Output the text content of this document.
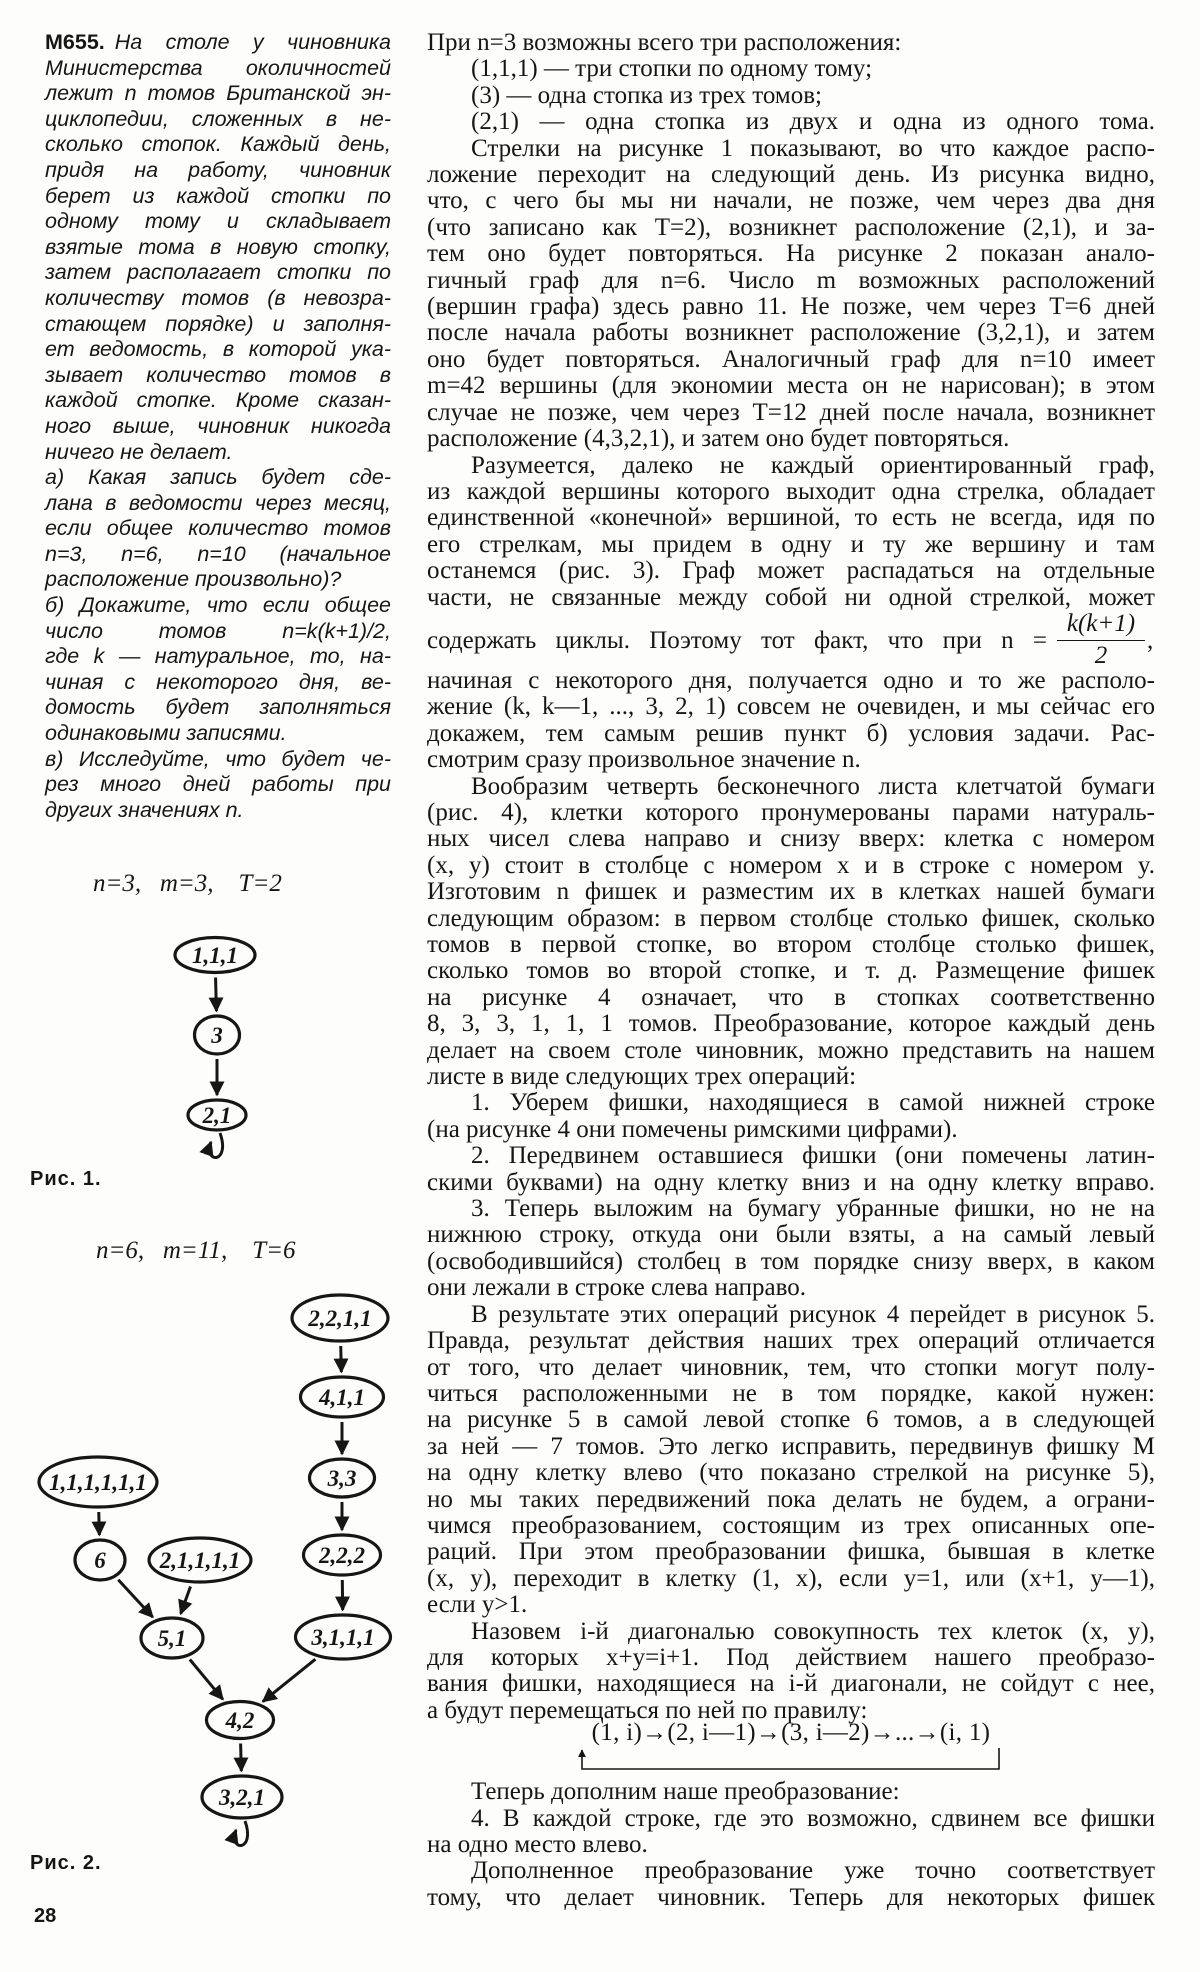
M655. На столе у чиновника
Министерства околичностей
лежит n томов Британской эн-
циклопедии, сложенных в не-
сколько стопок. Каждый день,
придя на работу, чиновник
берет из каждой стопки по
одному тому и складывает
взятые тома в новую стопку,
затем располагает стопки по
количеству томов (в невозра-
стающем порядке) и заполня-
ет ведомость, в которой ука-
зывает количество томов в
каждой стопке. Кроме сказан-
ного выше, чиновник никогда
ничего не делает.
а) Какая запись будет сде-
лана в ведомости через месяц,
если общее количество томов
n=3, n=6, n=10 (начальное
расположение произвольно)?
б) Докажите, что если общее
число томов n=k(k+1)/2,
где k — натуральное, то, на-
чиная с некоторого дня, ве-
домость будет заполняться
одинаковыми записями.
в) Исследуйте, что будет че-
рез много дней работы при
других значениях n.
При n=3 возможны всего три расположения:
(1,1,1) — три стопки по одному тому;
(3) — одна стопка из трех томов;
(2,1) — одна стопка из двух и одна из одного тома.
Стрелки на рисунке 1 показывают, во что каждое распо-
ложение переходит на следующий день. Из рисунка видно,
что, с чего бы мы ни начали, не позже, чем через два дня
(что записано как T=2), возникнет расположение (2,1), и за-
тем оно будет повторяться. На рисунке 2 показан анало-
гичный граф для n=6. Число m возможных расположений
(вершин графа) здесь равно 11. Не позже, чем через T=6 дней
после начала работы возникнет расположение (3,2,1), и затем
оно будет повторяться. Аналогичный граф для n=10 имеет
m=42 вершины (для экономии места он не нарисован); в этом
случае не позже, чем через T=12 дней после начала, возникнет
расположение (4,3,2,1), и затем оно будет повторяться.
Разумеется, далеко не каждый ориентированный граф,
из каждой вершины которого выходит одна стрелка, обладает
единственной «конечной» вершиной, то есть не всегда, идя по
его стрелкам, мы придем в одну и ту же вершину и там
останемся (рис. 3). Граф может распадаться на отдельные
части, не связанные между собой ни одной стрелкой, может
содержать циклы. Поэтому тот факт, что при n =
k(k+1)
2
,
начиная с некоторого дня, получается одно и то же располо-
жение (k, k—1, ..., 3, 2, 1) совсем не очевиден, и мы сейчас его
докажем, тем самым решив пункт б) условия задачи. Рас-
смотрим сразу произвольное значение n.
Вообразим четверть бесконечного листа клетчатой бумаги
(рис. 4), клетки которого пронумерованы парами натураль-
ных чисел слева направо и снизу вверх: клетка с номером
(x, y) стоит в столбце с номером x и в строке с номером y.
Изготовим n фишек и разместим их в клетках нашей бумаги
следующим образом: в первом столбце столько фишек, сколько
томов в первой стопке, во втором столбце столько фишек,
сколько томов во второй стопке, и т. д. Размещение фишек
на рисунке 4 означает, что в стопках соответственно
8, 3, 3, 1, 1, 1 томов. Преобразование, которое каждый день
делает на своем столе чиновник, можно представить на нашем
листе в виде следующих трех операций:
1. Уберем фишки, находящиеся в самой нижней строке
(на рисунке 4 они помечены римскими цифрами).
2. Передвинем оставшиеся фишки (они помечены латин-
скими буквами) на одну клетку вниз и на одну клетку вправо.
3. Теперь выложим на бумагу убранные фишки, но не на
нижнюю строку, откуда они были взяты, а на самый левый
(освободившийся) столбец в том порядке снизу вверх, в каком
они лежали в строке слева направо.
В результате этих операций рисунок 4 перейдет в рисунок 5.
Правда, результат действия наших трех операций отличается
от того, что делает чиновник, тем, что стопки могут полу-
читься расположенными не в том порядке, какой нужен:
на рисунке 5 в самой левой стопке 6 томов, а в следующей
за ней — 7 томов. Это легко исправить, передвинув фишку M
на одну клетку влево (что показано стрелкой на рисунке 5),
но мы таких передвижений пока делать не будем, а ограни-
чимся преобразованием, состоящим из трех описанных опе-
раций. При этом преобразовании фишка, бывшая в клетке
(x, y), переходит в клетку (1, x), если y=1, или (x+1, y—1),
если y>1.
Назовем i-й диагональю совокупность тех клеток (x, y),
для которых x+y=i+1. Под действием нашего преобразо-
вания фишки, находящиеся на i-й диагонали, не сойдут с нее,
а будут перемещаться по ней по правилу:
(1, i)→(2, i—1)→(3, i—2)→...→(i, 1)
Теперь дополним наше преобразование:
4. В каждой строке, где это возможно, сдвинем все фишки
на одно место влево.
Дополненное преобразование уже точно соответствует
тому, что делает чиновник. Теперь для некоторых фишек
n=3,   m=3,    T=2
Рис. 1.
n=6,   m=11,    T=6
Рис. 2.
28
1,1,1
3
2,1
2,2,1,1
4,1,1
3,3
2,2,2
3,1,1,1
1,1,1,1,1,1
6 2,1,1,1,1
5,1
4,2
3,2,1
